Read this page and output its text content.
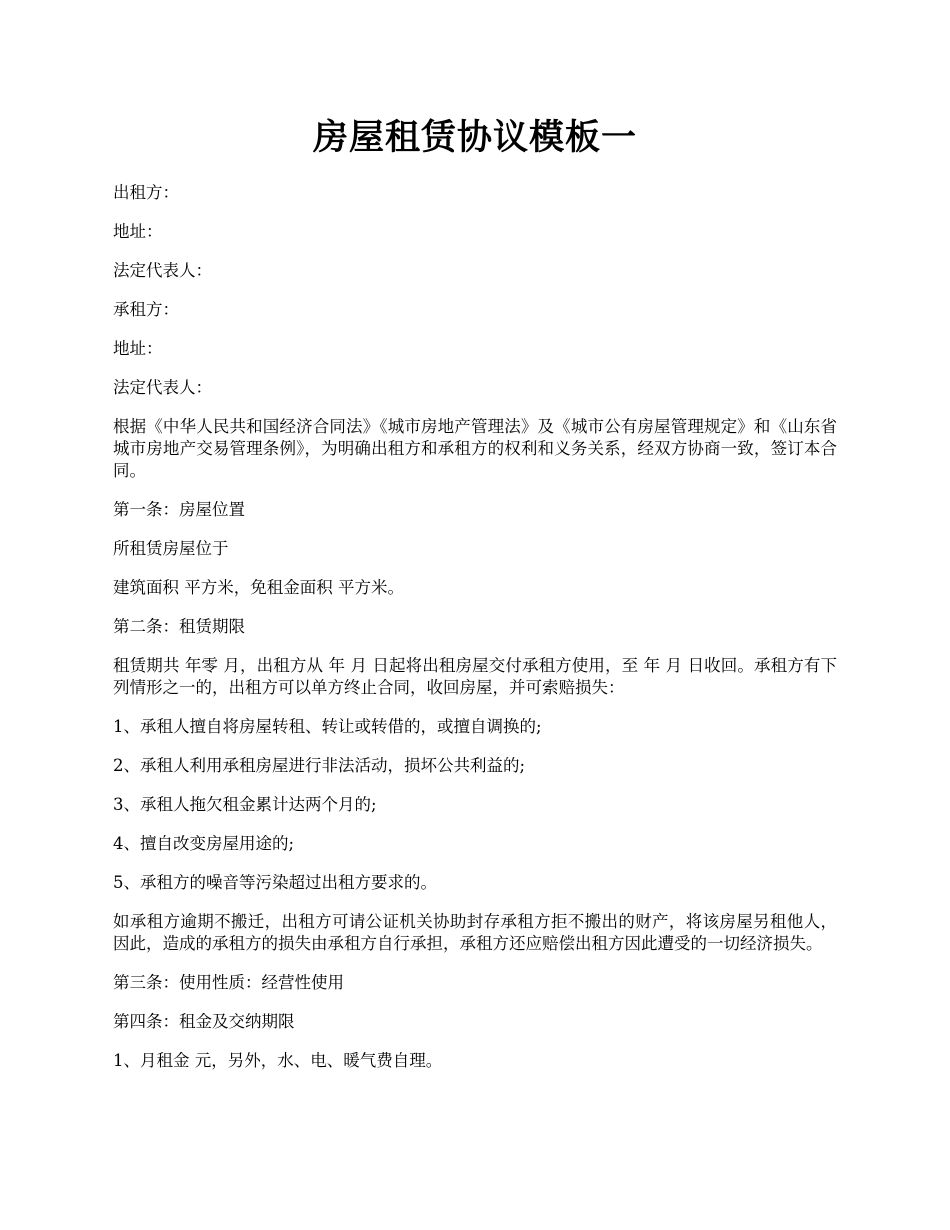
房屋租赁协议模板一

出租方：

地址：

法定代表人：

承租方：

地址：

法定代表人：

根据《中华人民共和国经济合同法》《城市房地产管理法》及《城市公有房屋管理规定》和《山东省城市房地产交易管理条例》，为明确出租方和承租方的权利和义务关系，经双方协商一致，签订本合同。

第一条：房屋位置

所租赁房屋位于

建筑面积 平方米，免租金面积 平方米。

第二条：租赁期限

租赁期共 年零 月，出租方从 年 月 日起将出租房屋交付承租方使用，至 年 月 日收回。承租方有下列情形之一的，出租方可以单方终止合同，收回房屋，并可索赔损失：

1、承租人擅自将房屋转租、转让或转借的，或擅自调换的;

2、承租人利用承租房屋进行非法活动，损坏公共利益的;

3、承租人拖欠租金累计达两个月的;

4、擅自改变房屋用途的;

5、承租方的噪音等污染超过出租方要求的。

如承租方逾期不搬迁，出租方可请公证机关协助封存承租方拒不搬出的财产，将该房屋另租他人，因此，造成的承租方的损失由承租方自行承担，承租方还应赔偿出租方因此遭受的一切经济损失。

第三条：使用性质：经营性使用

第四条：租金及交纳期限

1、月租金 元，另外，水、电、暖气费自理。
